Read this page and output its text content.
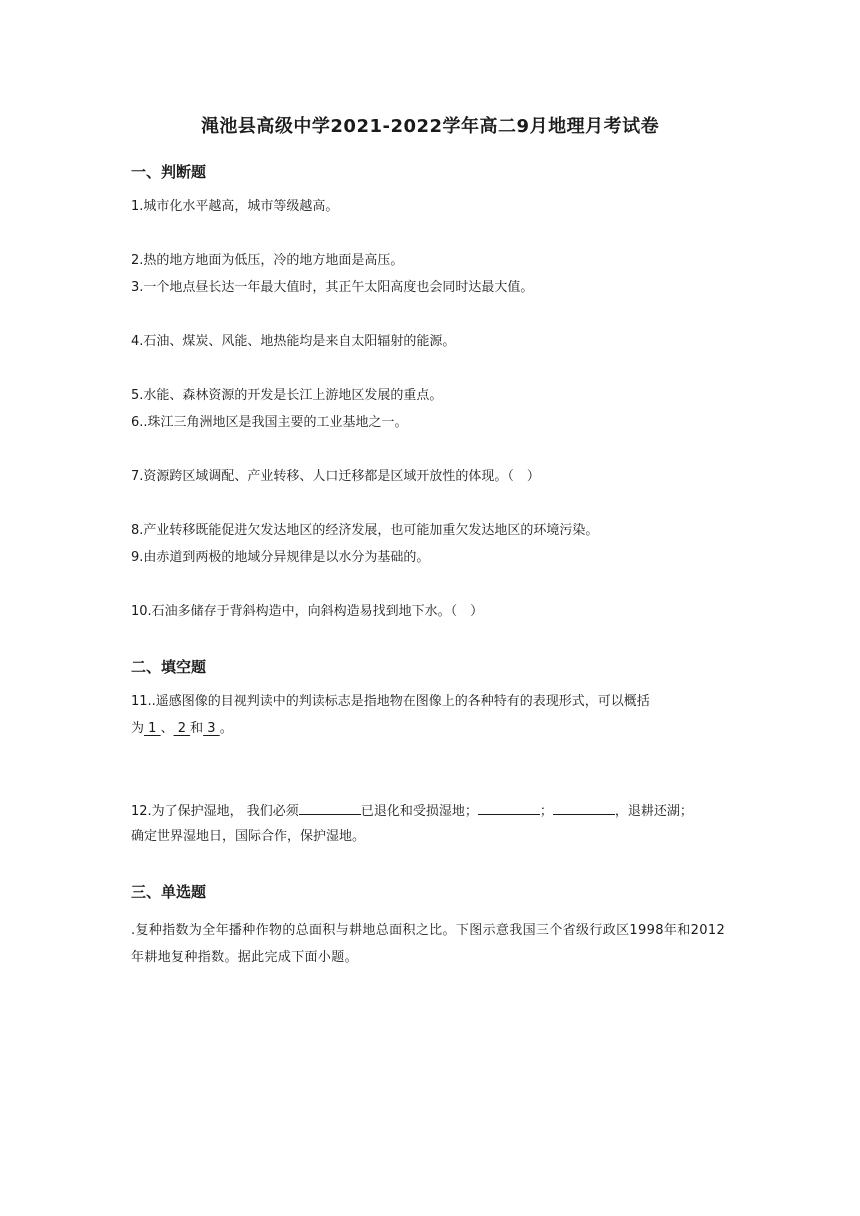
渑池县高级中学2021-2022学年高二9月地理月考试卷
一、判断题
1.城市化水平越高，城市等级越高。
2.热的地方地面为低压，冷的地方地面是高压。
3.一个地点昼长达一年最大值时，其正午太阳高度也会同时达最大值。
4.石油、煤炭、风能、地热能均是来自太阳辐射的能源。
5.水能、森林资源的开发是长江上游地区发展的重点。
6..珠江三角洲地区是我国主要的工业基地之一。
7.资源跨区域调配、产业转移、人口迁移都是区域开放性的体现。（　）
8.产业转移既能促进欠发达地区的经济发展，也可能加重欠发达地区的环境污染。
9.由赤道到两极的地域分异规律是以水分为基础的。
10.石油多储存于背斜构造中，向斜构造易找到地下水。（　）
二、填空题
11..遥感图像的目视判读中的判读标志是指地物在图像上的各种特有的表现形式，可以概括
为 1 、 2 和 3 。
12.为了保护湿地， 我们必须	已退化和受损湿地；	；	，退耕还湖；
确定世界湿地日，国际合作，保护湿地。
三、单选题
.复种指数为全年播种作物的总面积与耕地总面积之比。下图示意我国三个省级行政区1998年和2012年耕地复种指数。据此完成下面小题。
